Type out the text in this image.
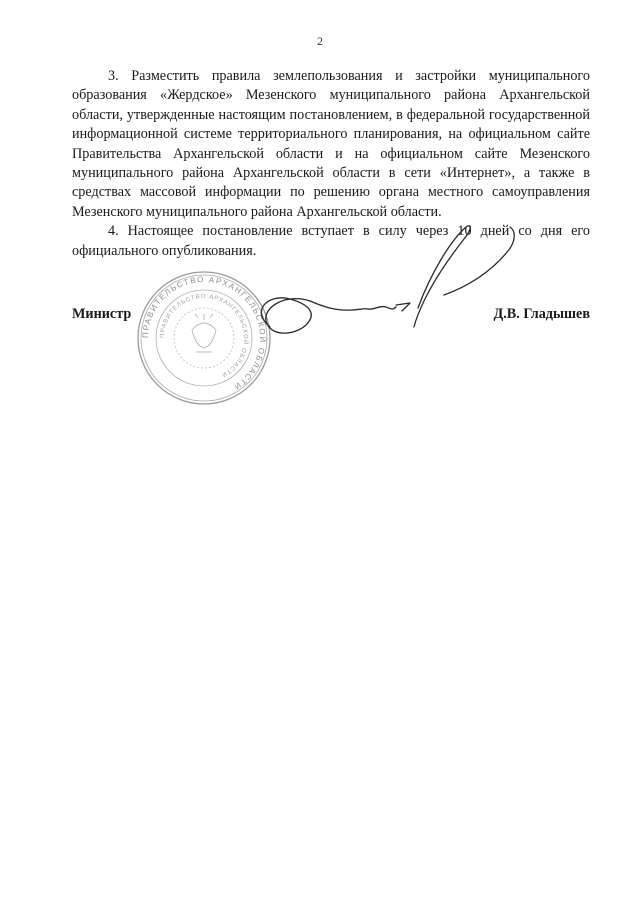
2

3. Разместить правила землепользования и застройки муниципального образования «Жердское» Мезенского муниципального района Архангельской области, утвержденные настоящим постановлением, в федеральной государственной информационной системе территориального планирования, на официальном сайте Правительства Архангельской области и на официальном сайте Мезенского муниципального района Архангельской области в сети «Интернет», а также в средствах массовой информации по решению органа местного самоуправления Мезенского муниципального района Архангельской области.

4. Настоящее постановление вступает в силу через 10 дней со дня его официального опубликования.

ПРАВИТЕЛЬСТВО АРХАНГЕЛЬСКОЙ ОБЛАСТИ
ПРАВИТЕЛЬСТВО АРХАНГЕЛЬСКОЙ ОБЛАСТИ
Министр	Д.В. Гладышев
